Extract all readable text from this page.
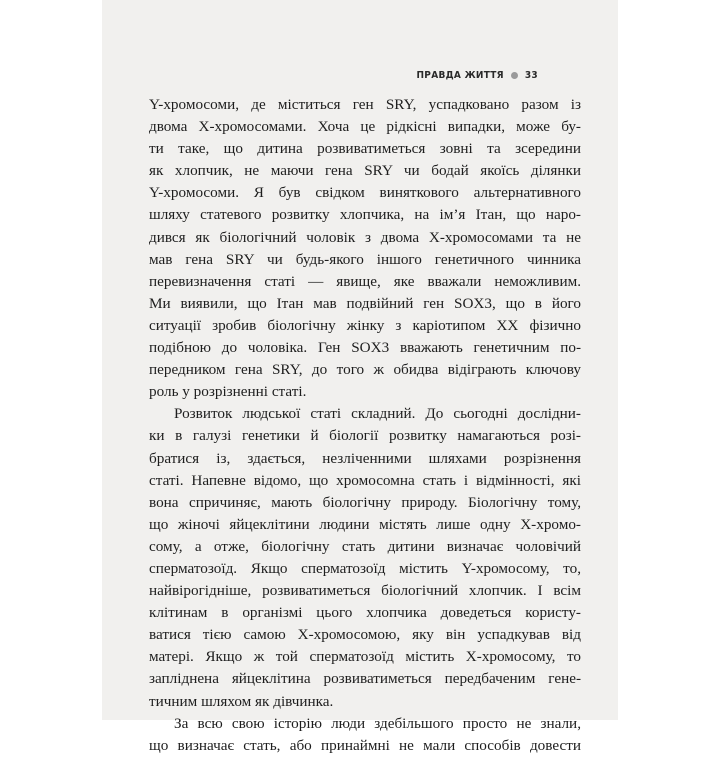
ПРАВДА ЖИТТЯ 33
Y-хромосоми, де міститься ген SRY, успадковано разом із
двома X-хромосомами. Хоча це рідкісні випадки, може бу-
ти таке, що дитина розвиватиметься зовні та зсередини
як хлопчик, не маючи гена SRY чи бодай якоїсь ділянки
Y-хромосоми. Я був свідком виняткового альтернативного
шляху статевого розвитку хлопчика, на ім’я Ітан, що наро-
дився як біологічний чоловік з двома X-хромосомами та не
мав гена SRY чи будь-якого іншого генетичного чинника
перевизначення статі — явище, яке вважали неможливим.
Ми виявили, що Ітан мав подвійний ген SOX3, що в його
ситуації зробив біологічну жінку з каріотипом XX фізично
подібною до чоловіка. Ген SOX3 вважають генетичним по-
передником гена SRY, до того ж обидва відіграють ключову
роль у розрізненні статі.
Розвиток людської статі складний. До сьогодні дослідни-
ки в галузі генетики й біології розвитку намагаються розі-
братися із, здається, незліченними шляхами розрізнення
статі. Напевне відомо, що хромосомна стать і відмінності, які
вона спричиняє, мають біологічну природу. Біологічну тому,
що жіночі яйцеклітини людини містять лише одну X-хромо-
сому, а отже, біологічну стать дитини визначає чоловічий
сперматозоїд. Якщо сперматозоїд містить Y-хромосому, то,
найвірогідніше, розвиватиметься біологічний хлопчик. І всім
клітинам в організмі цього хлопчика доведеться користу-
ватися тією самою X-хромосомою, яку він успадкував від
матері. Якщо ж той сперматозоїд містить X-хромосому, то
запліднена яйцеклітина розвиватиметься передбаченим гене-
тичним шляхом як дівчинка.
За всю свою історію люди здебільшого просто не знали,
що визначає стать, або принаймні не мали способів довести
